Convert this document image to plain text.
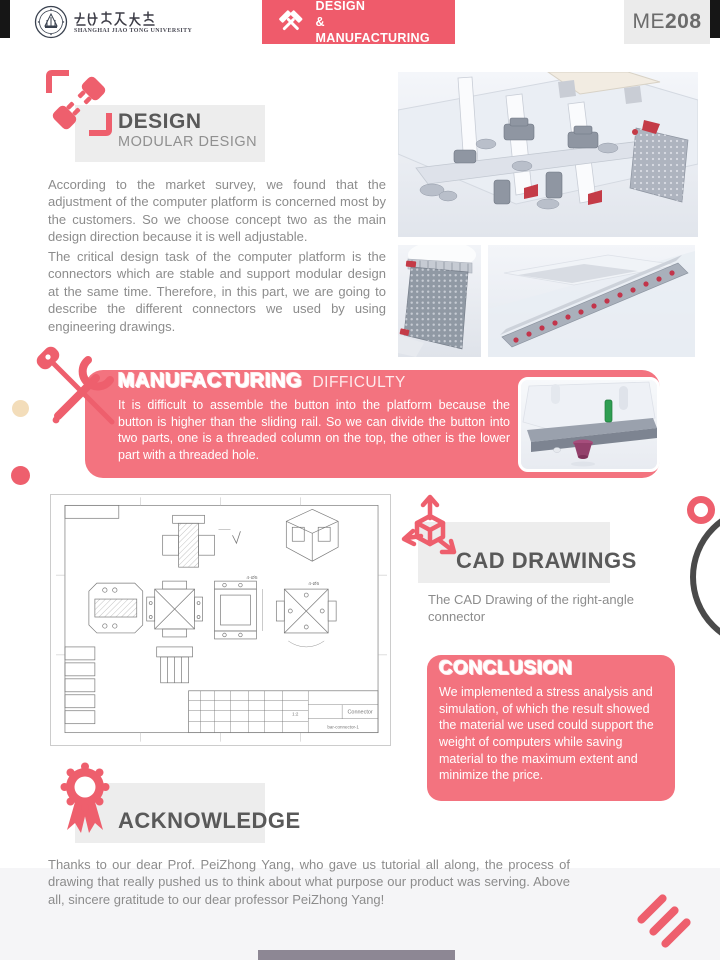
SHANGHAI JIAO TONG UNIVERSITY
DESIGN
& MANUFACTURING
ME 208
DESIGN
MODULAR DESIGN
According to the market survey, we found that the adjustment of the computer platform is concerned most by the customers. So we choose concept two as the main design direction because it is well adjustable.
The critical design task of the computer platform is the connectors which are stable and support modular design at the same time. Therefore, in this part, we are going to describe the different connectors we used by using engineering drawings.
MANUFACTURING DIFFICULTY
It is difficult to assemble the button into the platform because the button is higher than the sliding rail. So we can divide the button into two parts, one is a threaded column on the top, the other is the lower part with a threaded hole.
Connector
bar-connector-1
1:2
4-Ø5
4-Ø5
CAD DRAWINGS
The CAD Drawing of the right-angle connector
CONCLUSION
We implemented a stress analysis and simulation, of which the result showed the material we used could support the weight of computers while saving material to the maximum extent and minimize the price.
ACKNOWLEDGE
Thanks to our dear Prof. PeiZhong Yang, who gave us tutorial all along, the process of drawing that really pushed us to think about what purpose our product was serving. Above all, sincere gratitude to our dear professor PeiZhong Yang!
